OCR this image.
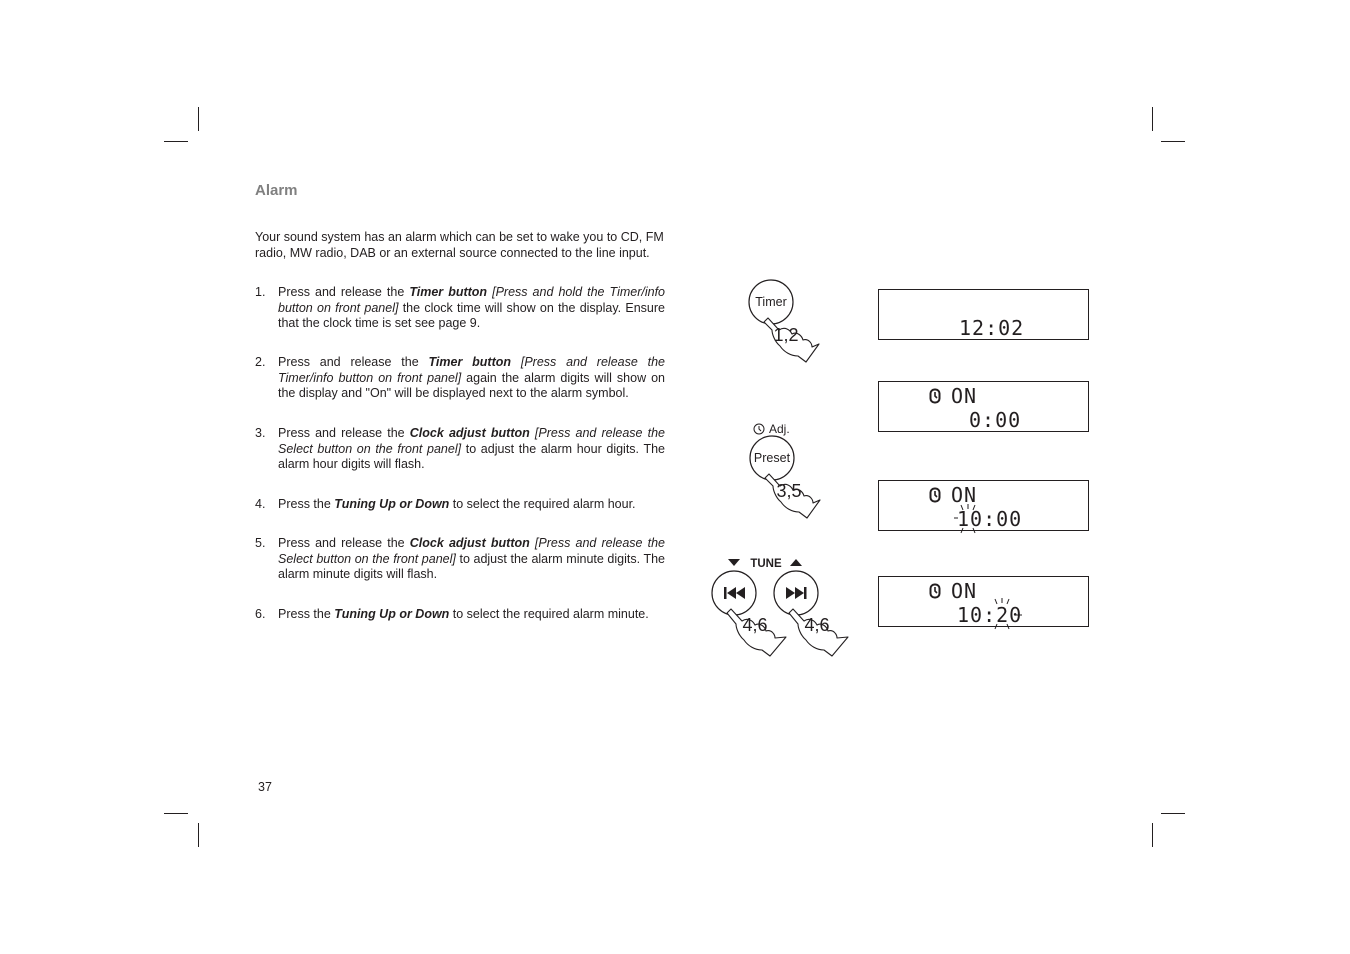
Alarm
Your sound system has an alarm which can be set to wake you to CD, FM radio, MW radio, DAB or an external source connected to the line input.
1. Press and release the Timer button [Press and hold the Timer/info button on front panel] the clock time will show on the display. Ensure that the clock time is set see page 9.
2. Press and release the Timer button [Press and release the Timer/info button on front panel] again the alarm digits will show on the display and "On" will be displayed next to the alarm symbol.
3. Press and release the Clock adjust button [Press and release the Select button on the front panel] to adjust the alarm hour digits. The alarm hour digits will flash.
4. Press the Tuning Up or Down to select the required alarm hour.
5. Press and release the Clock adjust button [Press and release the Select button on the front panel] to adjust the alarm minute digits. The alarm minute digits will flash.
6. Press the Tuning Up or Down to select the required alarm minute.
37
Timer
1,2
Adj.
Preset
3,5
TUNE
4,6 4,6
12:02
ON
0:00
ON
10:00
ON
10:20
